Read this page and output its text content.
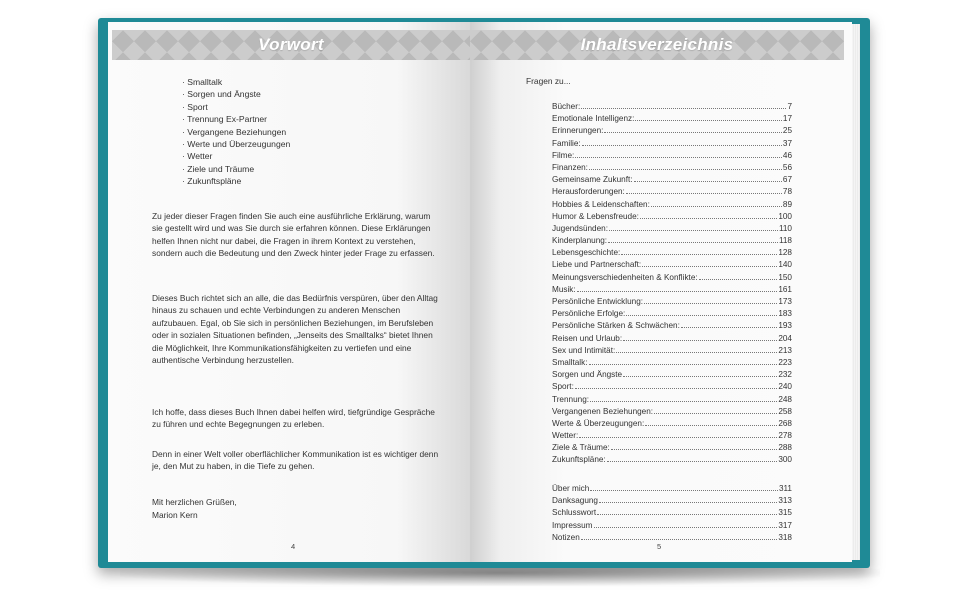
Vorwort
· Smalltalk
· Sorgen und Ängste
· Sport
· Trennung Ex-Partner
· Vergangene Beziehungen
· Werte und Überzeugungen
· Wetter
· Ziele und Träume
· Zukunftspläne

Zu jeder dieser Fragen finden Sie auch eine ausführliche Erklärung, warum sie gestellt wird und was Sie durch sie erfahren können. Diese Erklärungen helfen Ihnen nicht nur dabei, die Fragen in ihrem Kontext zu verstehen, sondern auch die Bedeutung und den Zweck hinter jeder Frage zu erfassen.

Dieses Buch richtet sich an alle, die das Bedürfnis verspüren, über den Alltag hinaus zu schauen und echte Verbindungen zu anderen Menschen aufzubauen. Egal, ob Sie sich in persönlichen Beziehungen, im Berufsleben oder in sozialen Situationen befinden, „Jenseits des Smalltalks“ bietet Ihnen die Möglichkeit, Ihre Kommunikationsfähigkeiten zu vertiefen und eine authentische Verbindung herzustellen.

Ich hoffe, dass dieses Buch Ihnen dabei helfen wird, tiefgründige Gespräche zu führen und echte Begegnungen zu erleben.

Denn in einer Welt voller oberflächlicher Kommunikation ist es wichtiger denn je, den Mut zu haben, in die Tiefe zu gehen.

Mit herzlichen Grüßen,
Marion Kern
4
Inhaltsverzeichnis
Fragen zu...
Bücher:	7
Emotionale Intelligenz:	17
Erinnerungen:	25
Familie:	37
Filme:	46
Finanzen:	56
Gemeinsame Zukunft:	67
Herausforderungen:	78
Hobbies & Leidenschaften:	89
Humor & Lebensfreude:	100
Jugendsünden:	110
Kinderplanung:	118
Lebensgeschichte:	128
Liebe und Partnerschaft:	140
Meinungsverschiedenheiten & Konflikte:	150
Musik:	161
Persönliche Entwicklung:	173
Persönliche Erfolge:	183
Persönliche Stärken & Schwächen:	193
Reisen und Urlaub:	204
Sex und Intimität:	213
Smalltalk:	223
Sorgen und Ängste	232
Sport:	240
Trennung:	248
Vergangenen Beziehungen:	258
Werte & Überzeugungen:	268
Wetter:	278
Ziele & Träume:	288
Zukunftspläne:	300
Über mich	311
Danksagung	313
Schlusswort	315
Impressum	317
Notizen	318
5
